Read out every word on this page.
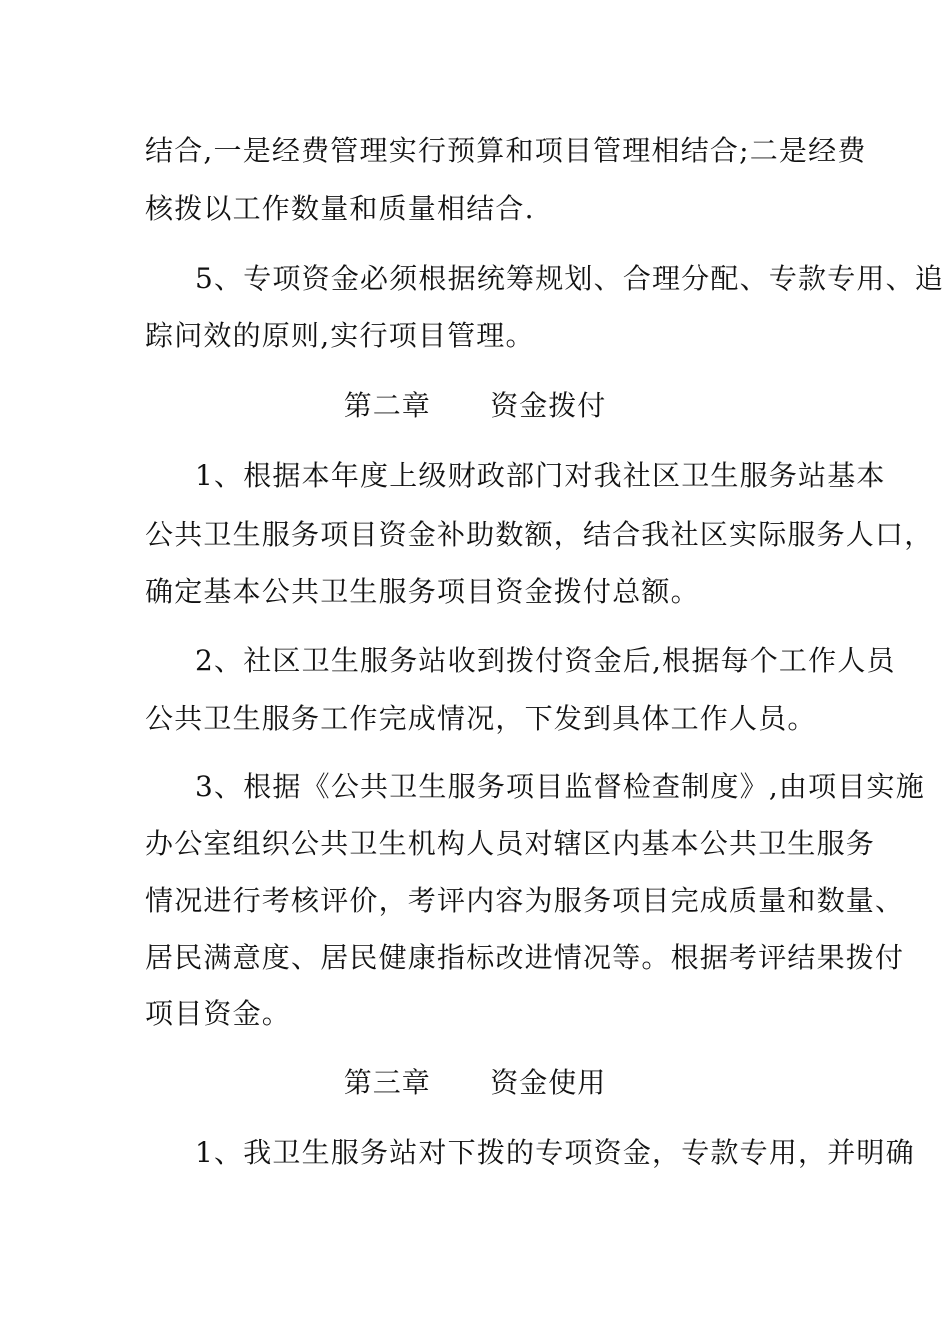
结合,一是经费管理实行预算和项目管理相结合;二是经费
核拨以工作数量和质量相结合.
5、专项资金必须根据统筹规划、合理分配、专款专用、追
踪问效的原则,实行项目管理。
第二章      资金拨付
1、根据本年度上级财政部门对我社区卫生服务站基本
公共卫生服务项目资金补助数额，结合我社区实际服务人口，
确定基本公共卫生服务项目资金拨付总额。
2、社区卫生服务站收到拨付资金后,根据每个工作人员
公共卫生服务工作完成情况，下发到具体工作人员。
3、根据《公共卫生服务项目监督检查制度》,由项目实施
办公室组织公共卫生机构人员对辖区内基本公共卫生服务
情况进行考核评价，考评内容为服务项目完成质量和数量、
居民满意度、居民健康指标改进情况等。根据考评结果拨付
项目资金。
第三章      资金使用
1、我卫生服务站对下拨的专项资金，专款专用，并明确
